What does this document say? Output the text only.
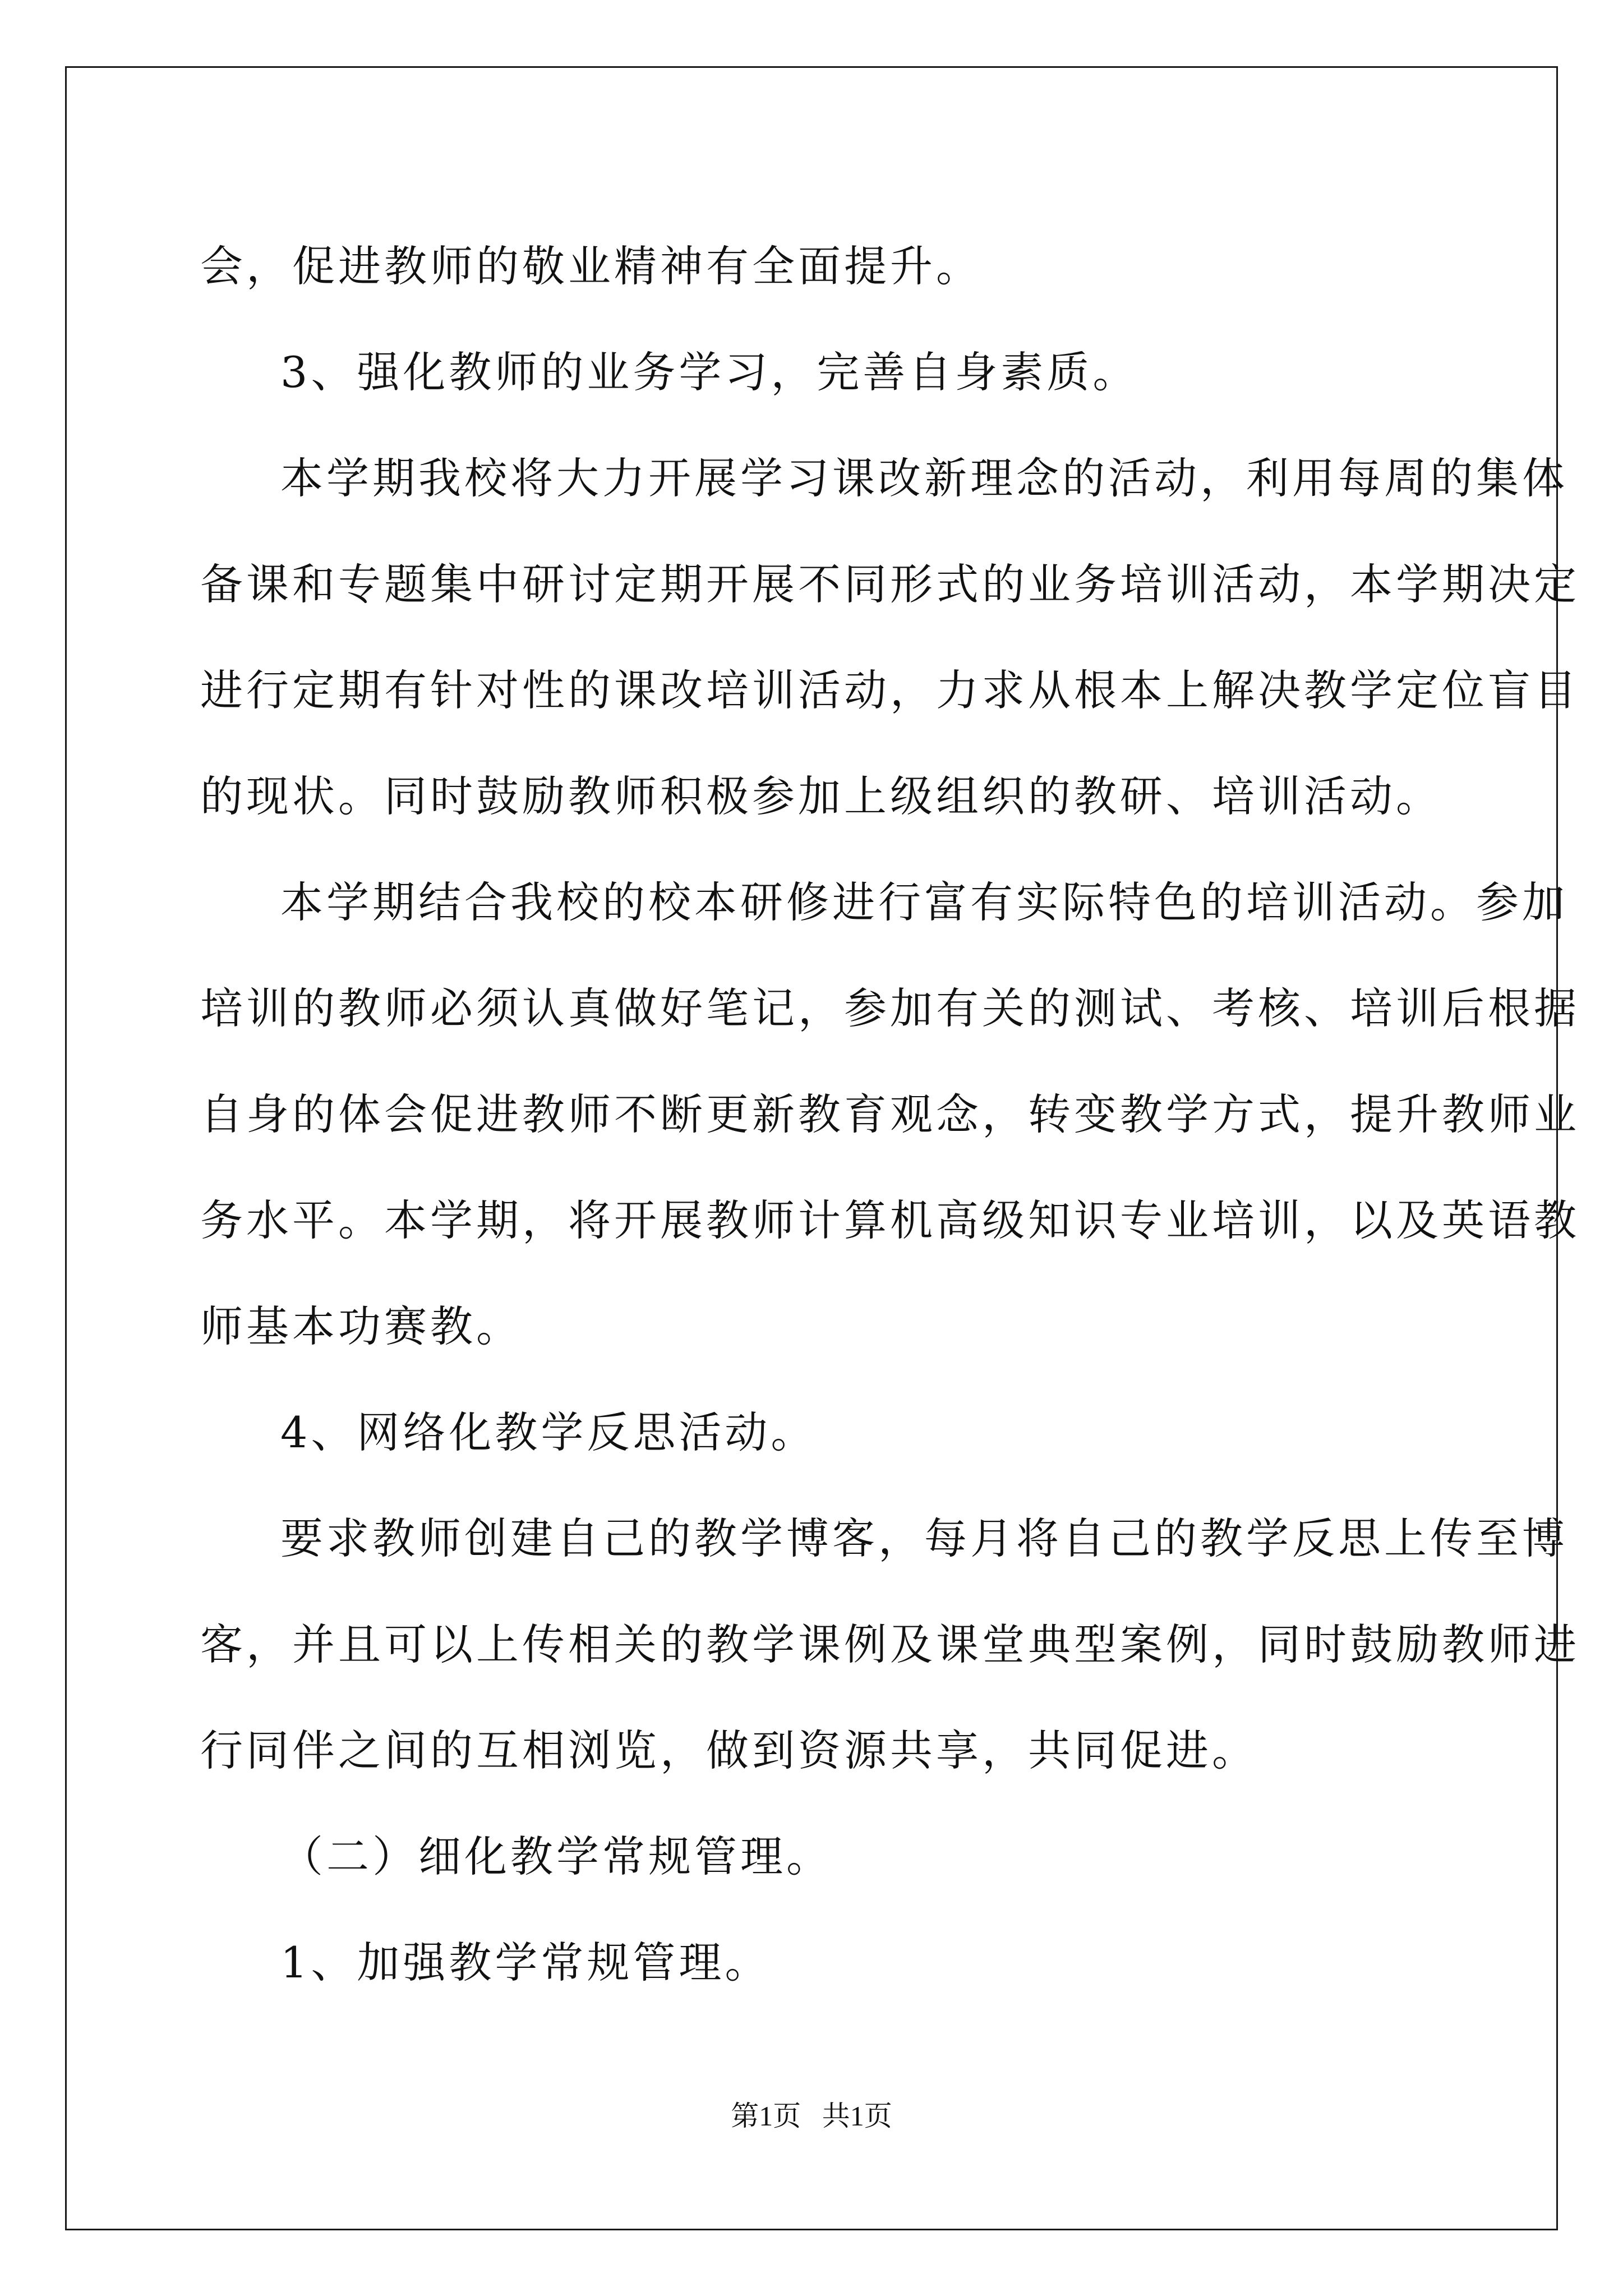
会，促进教师的敬业精神有全面提升。
3、强化教师的业务学习，完善自身素质。
本学期我校将大力开展学习课改新理念的活动，利用每周的集体
备课和专题集中研讨定期开展不同形式的业务培训活动，本学期决定
进行定期有针对性的课改培训活动，力求从根本上解决教学定位盲目
的现状。同时鼓励教师积极参加上级组织的教研、培训活动。
本学期结合我校的校本研修进行富有实际特色的培训活动。参加
培训的教师必须认真做好笔记，参加有关的测试、考核、培训后根据
自身的体会促进教师不断更新教育观念，转变教学方式，提升教师业
务水平。本学期，将开展教师计算机高级知识专业培训，以及英语教
师基本功赛教。
4、网络化教学反思活动。
要求教师创建自己的教学博客，每月将自己的教学反思上传至博
客，并且可以上传相关的教学课例及课堂典型案例，同时鼓励教师进
行同伴之间的互相浏览，做到资源共享，共同促进。
（二）细化教学常规管理。
1、加强教学常规管理。
第1页   共1页
